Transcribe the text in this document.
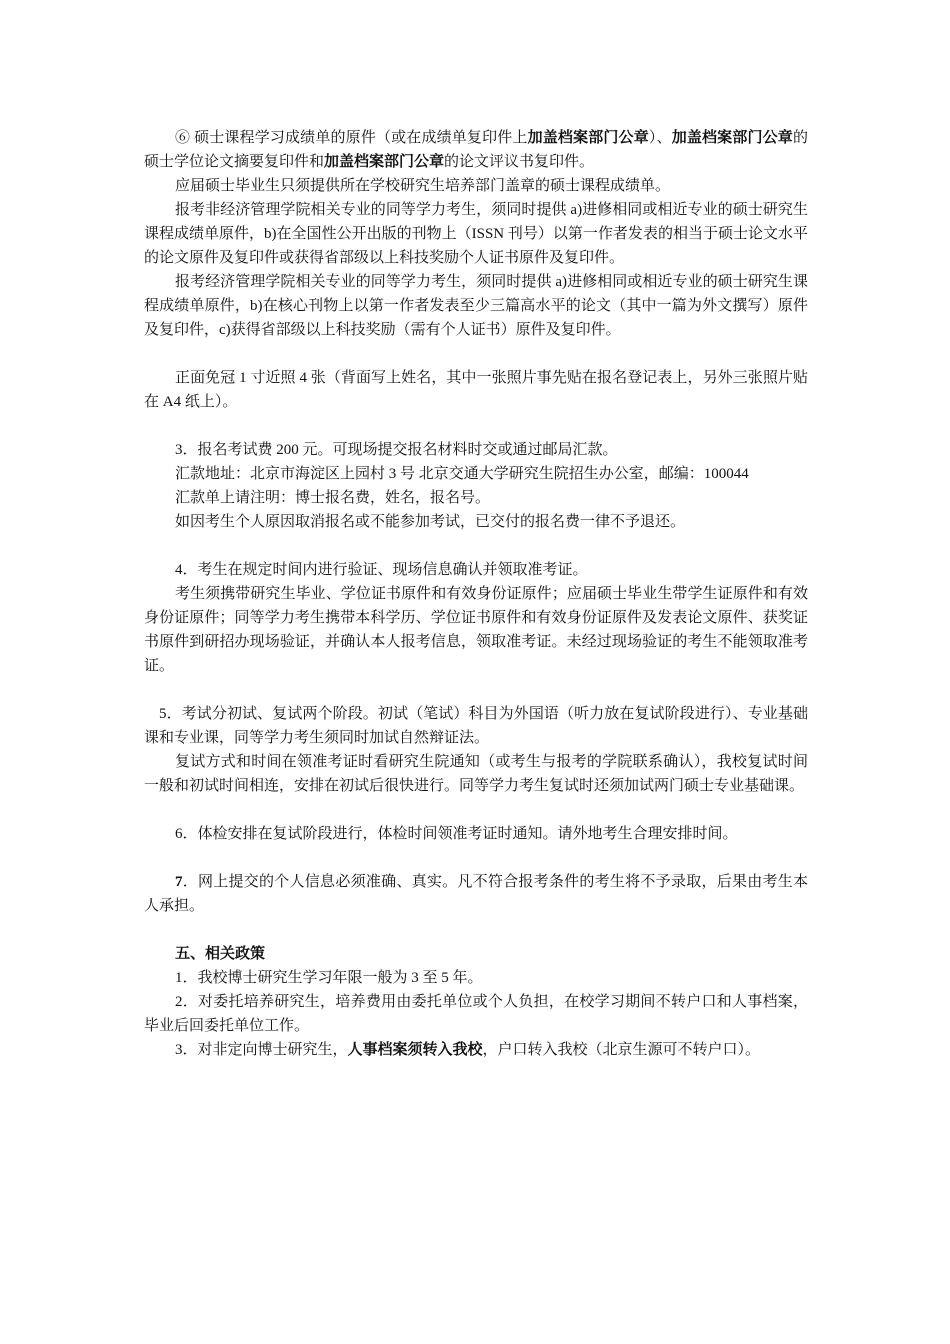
⑥ 硕士课程学习成绩单的原件（或在成绩单复印件上加盖档案部门公章）、加盖档案部门公章的硕士学位论文摘要复印件和加盖档案部门公章的论文评议书复印件。

应届硕士毕业生只须提供所在学校研究生培养部门盖章的硕士课程成绩单。

报考非经济管理学院相关专业的同等学力考生，须同时提供 a)进修相同或相近专业的硕士研究生课程成绩单原件，b)在全国性公开出版的刊物上（ISSN 刊号）以第一作者发表的相当于硕士论文水平的论文原件及复印件或获得省部级以上科技奖励个人证书原件及复印件。

报考经济管理学院相关专业的同等学力考生，须同时提供 a)进修相同或相近专业的硕士研究生课程成绩单原件，b)在核心刊物上以第一作者发表至少三篇高水平的论文（其中一篇为外文撰写）原件及复印件，c)获得省部级以上科技奖励（需有个人证书）原件及复印件。

正面免冠 1 寸近照 4 张（背面写上姓名，其中一张照片事先贴在报名登记表上，另外三张照片贴在 A4 纸上）。

3．报名考试费 200 元。可现场提交报名材料时交或通过邮局汇款。

汇款地址：北京市海淀区上园村 3 号 北京交通大学研究生院招生办公室，邮编：100044

汇款单上请注明：博士报名费，姓名，报名号。

如因考生个人原因取消报名或不能参加考试，已交付的报名费一律不予退还。

4．考生在规定时间内进行验证、现场信息确认并领取准考证。

考生须携带研究生毕业、学位证书原件和有效身份证原件；应届硕士毕业生带学生证原件和有效身份证原件；同等学力考生携带本科学历、学位证书原件和有效身份证原件及发表论文原件、获奖证书原件到研招办现场验证，并确认本人报考信息，领取准考证。未经过现场验证的考生不能领取准考证。

5．考试分初试、复试两个阶段。初试（笔试）科目为外国语（听力放在复试阶段进行）、专业基础课和专业课，同等学力考生须同时加试自然辩证法。

复试方式和时间在领准考证时看研究生院通知（或考生与报考的学院联系确认），我校复试时间一般和初试时间相连，安排在初试后很快进行。同等学力考生复试时还须加试两门硕士专业基础课。

6．体检安排在复试阶段进行，体检时间领准考证时通知。请外地考生合理安排时间。

7．网上提交的个人信息必须准确、真实。凡不符合报考条件的考生将不予录取，后果由考生本人承担。

五、相关政策

1．我校博士研究生学习年限一般为 3 至 5 年。

2．对委托培养研究生，培养费用由委托单位或个人负担，在校学习期间不转户口和人事档案，毕业后回委托单位工作。

3．对非定向博士研究生，人事档案须转入我校，户口转入我校（北京生源可不转户口）。
